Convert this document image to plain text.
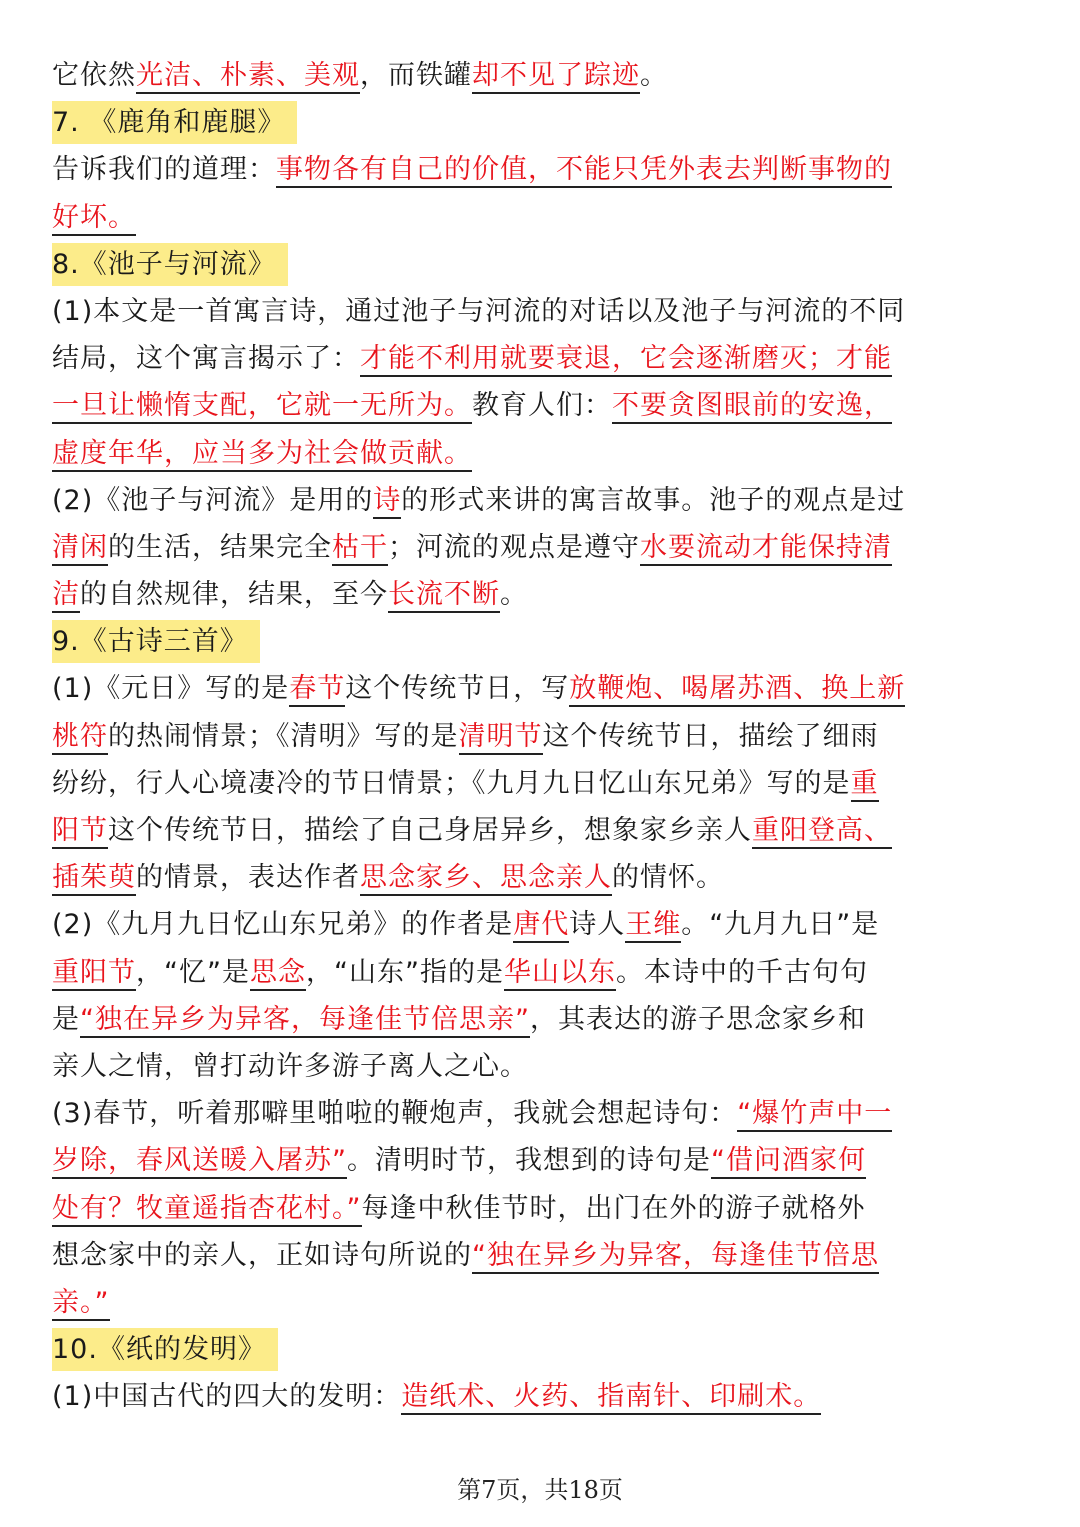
它依然光洁、朴素、美观，而铁罐却不见了踪迹。
7. 《鹿角和鹿腿》
告诉我们的道理：事物各有自己的价值，不能只凭外表去判断事物的
好坏。
8.《池子与河流》
(1)本文是一首寓言诗，通过池子与河流的对话以及池子与河流的不同
结局，这个寓言揭示了：才能不利用就要衰退，它会逐渐磨灭；才能
一旦让懒惰支配，它就一无所为。教育人们：不要贪图眼前的安逸，
虚度年华，应当多为社会做贡献。
(2)《池子与河流》是用的诗的形式来讲的寓言故事。池子的观点是过
清闲的生活，结果完全枯干；河流的观点是遵守水要流动才能保持清
洁的自然规律，结果，至今长流不断。
9.《古诗三首》
(1)《元日》写的是春节这个传统节日，写放鞭炮、喝屠苏酒、换上新
桃符的热闹情景；《清明》写的是清明节这个传统节日，描绘了细雨
纷纷，行人心境凄冷的节日情景；《九月九日忆山东兄弟》写的是重
阳节这个传统节日，描绘了自己身居异乡，想象家乡亲人重阳登高、
插茱萸的情景，表达作者思念家乡、思念亲人的情怀。
(2)《九月九日忆山东兄弟》的作者是唐代诗人王维。“九月九日”是
重阳节，“忆”是思念，“山东”指的是华山以东。本诗中的千古句句
是“独在异乡为异客，每逢佳节倍思亲”，其表达的游子思念家乡和
亲人之情，曾打动许多游子离人之心。
(3)春节，听着那噼里啪啦的鞭炮声，我就会想起诗句：“爆竹声中一
岁除，春风送暖入屠苏”。清明时节，我想到的诗句是“借问酒家何
处有？牧童遥指杏花村。”每逢中秋佳节时，出门在外的游子就格外
想念家中的亲人，正如诗句所说的“独在异乡为异客，每逢佳节倍思
亲。”
10.《纸的发明》
(1)中国古代的四大的发明：造纸术、火药、指南针、印刷术。
第7页，共18页
